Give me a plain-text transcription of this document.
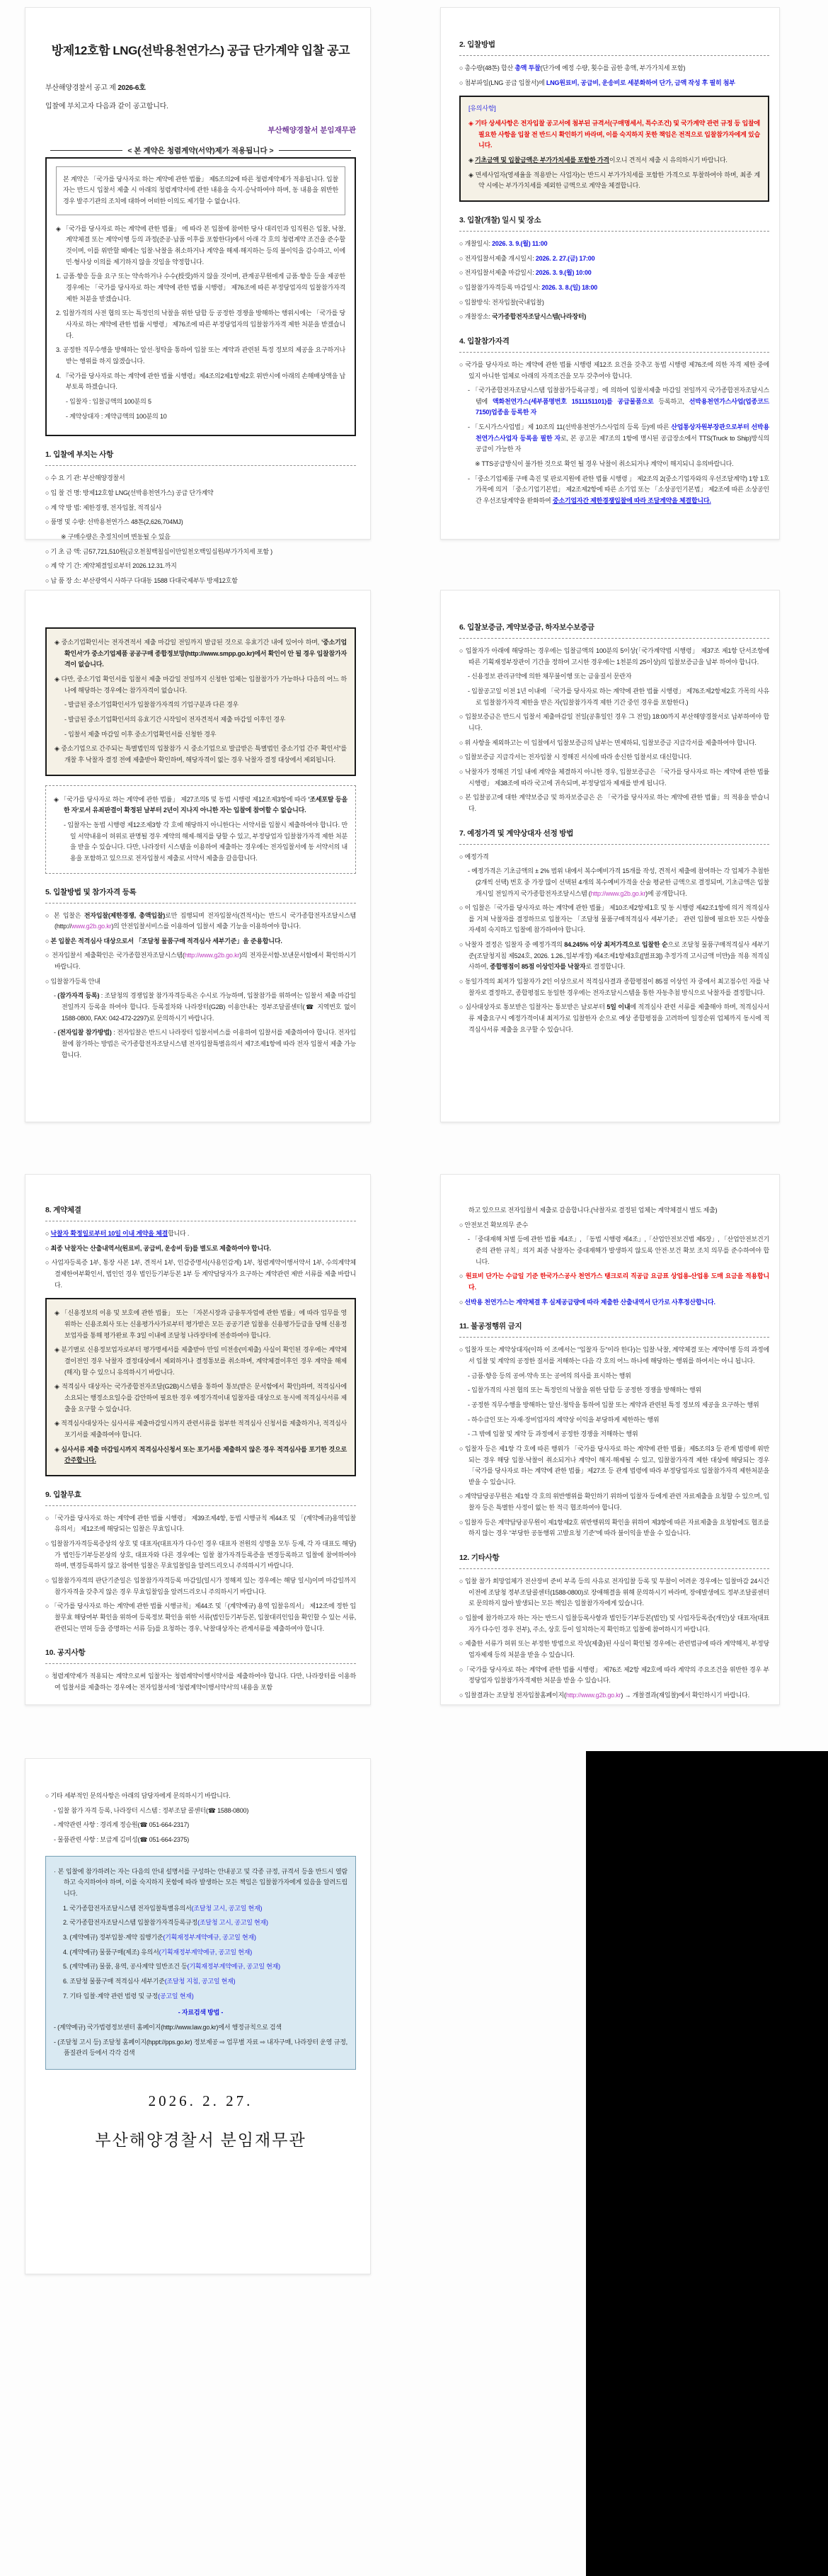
방제12호함 LNG(선박용천연가스) 공급 단가계약 입찰 공고
부산해양경찰서 공고 제 2026-6호
입찰에 부치고자 다음과 같이 공고합니다.
부산해양경찰서 분임재무관
< 본 계약은 청렴계약(서약)제가 적용됩니다 >
본 계약은 「국가를 당사자로 하는 계약에 관한 법률」 제5조의2에 따른 청렴계약제가 적용됩니다. 입찰자는 반드시 입찰서 제출 시 아래의 청렴계약서에 관한 내용을 숙지·승낙하여야 하며, 동 내용을 위반한 경우 발주기관의 조치에 대하여 어떠한 이의도 제기할 수 없습니다.
◈ 「국가를 당사자로 하는 계약에 관한 법률」 에 따라 본 입찰에 참여한 당사 대리인과 임직원은 입찰, 낙찰, 계약체결 또는 계약이행 등의 과정(준공·납품 이후를 포함한다)에서 아래 각 호의 청렴계약 조건을 준수할 것이며, 이를 위반할 때에는 입찰·낙찰을 취소하거나 계약을 해제·해지하는 등의 불이익을 감수하고, 이에 민·형사상 이의를 제기하지 않을 것임을 약정합니다.
1. 금품·향응 등을 요구 또는 약속하거나 수수(授受)하지 않을 것이며, 관계공무원에게 금품·향응 등을 제공한 경우에는 「국가를 당사자로 하는 계약에 관한 법률 시행령」 제76조에 따른 부정당업자의 입찰참가자격 제한 처분을 받겠습니다.
2. 입찰가격의 사전 협의 또는 특정인의 낙찰을 위한 담합 등 공정한 경쟁을 방해하는 행위시에는 「국가를 당사자로 하는 계약에 관한 법률 시행령」 제76조에 따른 부정당업자의 입찰참가자격 제한 처분을 받겠습니다.
3. 공정한 직무수행을 방해하는 알선·청탁을 통하여 입찰 또는 계약과 관련된 특정 정보의 제공을 요구하거나 받는 행위를 하지 않겠습니다.
4. 『국가를 당사자로 하는 계약에 관한 법률 시행령』제4조의2제1항제2호 위반시에 아래의 손해배상액을 납부토록 하겠습니다.
- 입찰자 : 입찰금액의 100분의 5
- 계약상대자 : 계약금액의 100분의 10
1. 입찰에 부치는 사항
○ 수 요 기 관: 부산해양경찰서
○ 입 찰 건 명: 방제12호함 LNG(선박용천연가스) 공급 단가계약
○ 계 약 방 법: 제한경쟁, 전자입찰, 적격심사
○ 품명 및 수량: 선박용천연가스 48톤(2,626,704MJ)
※ 구매수량은 추정치이며 변동될 수 있음
○ 기 초 금 액: 금57,721,510원(금오천칠백칠십이만일천오백일십원/부가가치세 포함 )
○ 계 약 기 간: 계약체결일로부터 2026.12.31.까지
○ 납 품 장 소: 부산광역시 사하구 다대동 1588 다대국제부두 방제12호함
2. 입찰방법
○ 총수량(48톤) 합산 총액 투찰(단가에 예정 수량, 횟수를 곱한 총액, 부가가치세 포함)
○ 첨부파일(LNG 공급 입찰서)에 LNG원료비, 공급비, 운송비로 세분화하여 단가, 금액 작성 후 필히 첨부
[유의사항]
◈ 기타 상세사항은 전자입찰 공고서에 첨부된 규격서(구매명세서, 특수조건) 및 국가계약 관련 규정 등 입찰에 필요한 사항을 입찰 전 반드시 확인하기 바라며, 이를 숙지하지 못한 책임은 전적으로 입찰참가자에게 있습니다.
◈ 기초금액 및 입찰금액은 부가가치세를 포함한 가격이오니 견적서 제출 시 유의하시기 바랍니다.
◈ 면세사업자(영세율을 적용받는 사업자)는 반드시 부가가치세를 포함한 가격으로 투찰하여야 하며, 최종 계약 시에는 부가가치세를 제외한 금액으로 계약을 체결합니다.
3. 입찰(개찰) 일시 및 장소
○ 개찰일시: 2026. 3. 9.(월) 11:00
○ 전자입찰서제출 개시일시: 2026. 2. 27.(금) 17:00
○ 전자입찰서제출 마감일시: 2026. 3. 9.(월) 10:00
○ 입찰참가자격등록 마감일시: 2026. 3. 8.(일) 18:00
○ 입찰방식: 전자입찰(국내입찰)
○ 개찰장소: 국가종합전자조달시스템(나라장터)
4. 입찰참가자격
○ 국가를 당사자로 하는 계약에 관한 법률 시행령 제12조 요건을 갖추고 동법 시행령 제76조에 의한 자격 제한 중에 있지 아니한 업체로 아래의 자격조건을 모두 갖추어야 합니다.
- 「국가종합전자조달시스템 입찰참가등록규정」에 의하여 입찰서제출 마감일 전일까지 국가종합전자조달시스템에 액화천연가스(세부품명번호 1511151101)를 공급물품으로 등록하고, 선박용천연가스사업(업종코드 7150)업종을 등록한 자
- 「도시가스사업법」제 10조의 11(선박용천연가스사업의 등록 등)에 따른 산업통상자원부장관으로부터 선박용천연가스사업자 등록을 필한 자로, 본 공고문 제7조의 1항에 명시된 공급장소에서 TTS(Truck to Ship)방식의 공급이 가능한 자
※ TTS공급방식이 불가한 것으로 확인 될 경우 낙찰이 취소되거나 계약이 해지되니 유의바랍니다.
- 「중소기업제품 구매 촉진 및 판로지원에 관한 법률 시행령 」 제2조의 2(중소기업자와의 우선조달계약) 1항 1호 가목에 의거 「중소기업기본법」 제2조제2항에 따른 소기업 또는 「소상공인기본법」 제2조에 따른 소상공인간 우선조달계약을 완화하여 중소기업자간 제한경쟁입찰에 따라 조달계약을 체결합니다.
◈ 중소기업확인서는 전자견적서 제출 마감일 전일까지 발급된 것으로 유효기간 내에 있어야 하며, '중소기업 확인서'가 중소기업제품 공공구매 종합정보망(http://www.smpp.go.kr)에서 확인이 안 될 경우 입찰참가자격이 없습니다.
◈ 다만, 중소기업 확인서를 입찰서 제출 마감일 전일까지 신청한 업체는 입찰참가가 가능하나 다음의 어느 하나에 해당하는 경우에는 참가자격이 없습니다.
- 발급된 중소기업확인서가 입찰참가자격의 기업구분과 다른 경우
- 발급된 중소기업확인서의 유효기간 시작일이 전자견적서 제출 마감일 이후인 경우
- 입찰서 제출 마감일 이후 중소기업확인서를 신청한 경우
◈ 중소기업으로 간주되는 특별법인의 입찰참가 시 중소기업으로 발급받은 특별법인 중소기업 간주 확인서”를 개찰 후 낙찰자 결정 전에 제출받아 확인하며, 해당자격이 없는 경우 낙찰자 결정 대상에서 제외됩니다.
◈ 「국가를 당사자로 하는 계약에 관한 법률」 제27조의5 및 동법 시행령 제12조제3항에 따라 '조세포탈 등을 한 자'로서 유죄판결이 확정된 날부터 2년이 지나지 아니한 자는 입찰에 참여할 수 없습니다.
- 입찰자는 동법 시행령 제12조제3항 각 호에 해당하지 아니한다는 서약서를 입찰시 제출하여야 합니다. 만일 서약내용이 허위로 판명될 경우 계약의 해제·해지를 당할 수 있고, 부정당업자 입찰참가자격 제한 처분을 받을 수 있습니다. 다만, 나라장터 시스템을 이용하여 제출하는 경우에는 전자입찰서에 동 서약서의 내용을 포함하고 있으므로 전자입찰서 제출로 서약서 제출을 갈음합니다.
5. 입찰방법 및 참가자격 등록
○ 본 입찰은 전자입찰(제한경쟁, 총액입찰)로만 집행되며 전자입찰서(견적서)는 반드시 국가종합전자조달시스템(http://www.g2b.go.kr)의 안전입찰서비스를 이용하여 입찰서 제출 기능을 이용하여야 합니다.
○ 본 입찰은 적격심사 대상으로서 「조달청 물품구매 적격심사 세부기준」을 준용합니다.
○ 전자입찰서 제출확인은 국가종합전자조달시스템(http://www.g2b.go.kr)의 전자문서함-보낸문서함에서 확인하시기 바랍니다.
○ 입찰참가등록 안내
- (참가자격 등록) : 조달청의 경쟁입찰 참가자격등록은 수시로 가능하며, 입찰참가를 위하여는 입찰서 제출 마감일 전일까지 등록을 하여야 합니다. 등록절차와 나라장터(G2B) 이용안내는 정부조달콜센터(☎ 지역번호 없이 1588-0800, FAX: 042-472-2297)로 문의하시기 바랍니다.
- (전자입찰 참가방법) : 전자입찰은 반드시 나라장터 입찰서비스를 이용하여 입찰서를 제출하여야 합니다. 전자입찰에 참가하는 방법은 국가종합전자조달시스템 전자입찰특별유의서 제7조제1항에 따라 전자 입찰서 제출 가능합니다.
6. 입찰보증금, 계약보증금, 하자보수보증금
○ 입찰자가 아래에 해당하는 경우에는 입찰금액의 100분의 5이상(「국가계약법 시행령」 제37조 제1항 단서조항에 따른 기획재정부장관이 기간을 정하여 고시한 경우에는 1천분의 25이상)의 입찰보증금을 납부 하여야 합니다.
- 신용정보 관리규약에 의한 채무불이행 또는 금융질서 문란자
- 입찰공고일 이전 1년 이내에 「국가를 당사자로 하는 계약에 관한 법률 시행령」 제76조제2항제2호 가목의 사유로 입찰참가자격 제한을 받은 자(입찰참가자격 제한 기간 중인 경우를 포함한다.)
○ 입찰보증금은 반드시 입찰서 제출마감일 전일(공휴일인 경우 그 전일) 18:00까지 부산해양경찰서로 납부하여야 합니다.
○ 위 사항을 제외하고는 이 입찰에서 입찰보증금의 납부는 면제하되, 입찰보증금 지급각서를 제출하여야 합니다.
○ 입찰보증금 지급각서는 전자입찰 시 정해진 서식에 따라 송신한 입찰서로 대신합니다.
○ 낙찰자가 정해진 기일 내에 계약을 체결하지 아니한 경우, 입찰보증금은 「국가를 당사자로 하는 계약에 관한 법률 시행령」 제38조에 따라 국고에 귀속되며, 부정당업자 제재를 받게 됩니다.
○ 본 입찰공고에 대한 계약보증금 및 하자보증금은 은 「국가를 당사자로 하는 계약에 관한 법률」의 적용을 받습니다.
7. 예정가격 및 계약상대자 선정 방법
○ 예정가격
- 예정가격은 기초금액의 ± 2% 범위 내에서 복수예비가격 15개를 작성, 견적서 제출에 참여하는 각 업체가 추첨한(2개씩 선택) 번호 중 가장 많이 선택된 4개의 복수예비가격을 산술 평균한 금액으로 결정되며, 기초금액은 입찰개시일 전일까지 국가종합전자조달시스템 (http://www.g2b.go.kr)에 공개합니다.
○ 이 입찰은「국가를 당사자로 하는 계약에 관한 법률」 제10조제2항제1호 및 동 시행령 제42조1항에 의거 적격심사를 거쳐 낙찰자를 결정하므로 입찰자는 「조달청 물품구매적격심사 세부기준」 관련 입찰에 필요한 모든 사항을 자세히 숙지하고 입찰에 참가하여야 합니다.
○ 낙찰자 결정은 입찰자 중 예정가격의 84.245% 이상 최저가격으로 입찰한 순으로 조달청 물품구매적격심사 세부기준(조달청지침 제524호, 2026. 1.26.,일부개정) 제4조제1항제3호([별표3]) 추정가격 고시금액 미만)을 적용 적격심사하여, 종합평점이 85점 이상인자를 낙찰자로 결정합니다.
○ 동일가격의 최저가 입찰자가 2인 이상으로서 적격심사결과 종합평점이 85점 이상인 자 중에서 최고점수인 자를 낙찰자로 결정하고, 종합평점도 동일한 경우에는 전자조달시스템을 통한 자동추첨 방식으로 낙찰자를 결정합니다.
○ 심사대상자로 통보받은 입찰자는 통보받은 날로부터 5일 이내에 적격심사 관련 서류를 제출해야 하며, 적격심사서류 제출요구시 예정가격이내 최저가로 입찰한자 순으로 예상 종합평점을 고려하여 일정순위 업체까지 동시에 적격심사서류 제출을 요구할 수 있습니다.
8. 계약체결
○ 낙찰자 확정일로부터 10일 이내 계약을 체결합니다 .
○ 최종 낙찰자는 산출내역서(원료비, 공급비, 운송비 등)를 별도로 제출하여야 합니다.
○ 사업자등록증 1부, 통장 사본 1부, 견적서 1부, 인감증명서(사용인감계) 1부, 청렴계약이행서약서 1부, 수의계약체결제한여부확인서, 법인인 경우 법인등기부등본 1부 등 계약담당자가 요구하는 계약관련 제반 서류를 제출 바랍니다.
◈ 「신용정보의 이용 및 보호에 관한 법률」 또는 「자본시장과 금융투자업에 관한 법률」에 따라 업무를 영위하는 신용조회사 또는 신용평가사가로부터 평가받은 모든 공공기관 입찰용 신용평가등급을 당해 신용정보업자를 통해 평가완료 후 3일 이내에 조달청 나라장터에 전송하여야 합니다.
◈ 분기별로 신용정보업자로부터 평가명세서를 제출받아 만일 미전송(미제출) 사실이 확인된 경우에는 계약체결이전인 경우 낙찰자 결정대상에서 제외하거나 결정통보를 취소하며, 계약체결이후인 경우 계약을 해제(해지) 할 수 있으니 유의하시기 바랍니다.
◈ 적격심사 대상자는 국가종합전자조달(G2B)시스템을 통하여 통보(받은 문서함에서 확인)하며, 적격심사에 소요되는 행정소요일수를 감안하여 필요한 경우 예정가격이내 입찰자를 대상으로 동시에 적격심사서류 제출을 요구할 수 있습니다.
◈ 적격심사대상자는 심사서류 제출마감일시까지 관련서류를 첨부한 적격심사 신청서를 제출하거나, 적격심사 포기서를 제출하여야 합니다.
◈ 심사서류 제출 마감일시까지 적격심사신청서 또는 포기서를 제출하지 않은 경우 적격심사를 포기한 것으로 간주합니다.
9. 입찰무효
○ 「국가를 당사자로 하는 계약에 관한 법률 시행령」 제39조제4항, 동법 시행규칙 제44조 및 「(계약예규)용역입찰유의서」 제12조에 해당되는 입찰은 무효입니다.
○ 입찰참가자격등록증상의 상호 및 대표자(대표자가 다수인 경우 대표자 전원의 성명을 모두 등재, 각 자 대표도 해당)가 법인등기부등본상의 상호, 대표자와 다른 경우에는 입찰 참가자격등록증을 변경등록하고 입찰에 참여하여야 하며, 변경등록하지 않고 참여한 입찰은 무효입찰임을 알려드리오니 주의하시기 바랍니다.
○ 입찰참가자격의 판단기준일은 입찰참가자격등록 마감일(일시가 정해져 있는 경우에는 해당 일시)이며 마감일까지 참가자격을 갖추지 않은 경우 무효입찰임을 알려드리오니 주의하시기 바랍니다.
○ 「국가를 당사자로 하는 계약에 관한 법률 시행규칙」제44조 및「(계약예규) 용역 입찰유의서」 제12조에 정한 입찰무효 해당여부 확인을 위하여 등록정보 확인을 위한 서류(법인등기부등본, 입찰대리인임을 확인할 수 있는 서류, 관련되는 면허 등을 증명하는 서류 등)를 요청하는 경우, 낙찰대상자는 관계서류를 제출하여야 합니다.
10. 공지사항
○ 청렴계약제가 적용되는 계약으로써 입찰자는 청렴계약이행서약서를 제출하여야 합니다. 다만, 나라장터를 이용하여 입찰서를 제출하는 경우에는 전자입찰서에 '청렴계약이행서약서'의 내용을 포함
하고 있으므로 전자입찰서 제출로 갈음합니다.(낙찰자로 결정된 업체는 계약체결시 별도 제출)
○ 안전보건 확보의무 준수
- 「중대재해 처벌 등에 관한 법률 제4조」, 「동법 시행령 제4조」,「산업안전보건법 제5장」, 「산업안전보건기준의 관한 규칙」의거 최종 낙찰자는 중대재해가 발생하지 않도록 안전·보건 확보 조치 의무를 준수하여야 합니다.
○ 원료비 단가는 수급일 기준 한국가스공사 천연가스 탱크로리 직공급 요금표 상업용-산업용 도매 요금을 적용합니다.
○ 선박용 천연가스는 계약체결 후 실제공급량에 따라 제출한 산출내역서 단가로 사후정산합니다.
11. 불공정행위 금지
○ 입찰자 또는 계약상대자(이하 이 조에서는 “입찰자 등”이라 한다)는 입찰·낙찰, 계약체결 또는 계약이행 등의 과정에서 입찰 및 계약의 공정한 질서를 저해하는 다음 각 호의 어느 하나에 해당하는 행위를 하여서는 아니 됩니다.
- 금품·향응 등의 공여·약속 또는 공여의 의사를 표시하는 행위
- 입찰가격의 사전 협의 또는 특정인의 낙찰을 위한 담합 등 공정한 경쟁을 방해하는 행위
- 공정한 직무수행을 방해하는 알선·청탁을 통하여 입찰 또는 계약과 관련된 특정 정보의 제공을 요구하는 행위
- 하수급인 또는 자재·장비업자의 계약상 이익을 부당하게 제한하는 행위
- 그 밖에 입찰 및 계약 등 과정에서 공정한 경쟁을 저해하는 행위
○ 입찰자 등은 제1항 각 호에 따른 행위가 「국가를 당사자로 하는 계약에 관한 법률」제5조의3 등 관계 법령에 위반되는 경우 해당 입찰·낙찰이 취소되거나 계약이 해지·해제될 수 있고, 입찰참가자격 제한 대상에 해당되는 경우 「국가를 당사자로 하는 계약에 관한 법률」제27조 등 관계 법령에 따라 부정당업자로 입찰참가자격 제한처분을 받을 수 있습니다.
○ 계약담당공무원은 제1항 각 호의 위반행위를 확인하기 위하여 입찰자 등에게 관련 자료제출을 요청할 수 있으며, 입찰자 등은 특별한 사정이 없는 한 적극 협조하여야 합니다.
○ 입찰자 등은 계약담당공무원이 제1항제2호 위반행위의 확인을 위하여 제3항에 따른 자료제출을 요청함에도 협조를 하지 않는 경우 “부당한 공동행위 고발요청 기준”에 따라 불이익을 받을 수 있습니다.
12. 기타사항
○ 입찰 참가 희망업체가 전산장비 준비 부족 등의 사유로 전자입찰 등록 및 투찰이 어려운 경우에는 입찰마감 24시간 이전에 조달청 정부조달콜센터(1588-0800)로 장애해결을 위해 문의하시기 바라며, 장애발생에도 정부조달콜센터로 문의하지 않아 발생되는 모든 책임은 입찰참가자에게 있습니다.
○ 입찰에 참가하고자 하는 자는 반드시 입찰등록사항과 법인등기부등본(법인) 및 사업자등록증(개인)상 대표자(대표자가 다수인 경우 전부), 주소, 상호 등이 일치하는지 확인하고 입찰에 참여하시기 바랍니다.
○ 제출한 서류가 허위 또는 부정한 방법으로 작성(제출)된 사실이 확인될 경우에는 관련법규에 따라 계약해지, 부정당업자제재 등의 처분을 받을 수 있습니다.
○「국가를 당사자로 하는 계약에 관한 법률 시행령」 제76조 제2항 제2호에 따라 계약의 주요조건을 위반한 경우 부정당업자 입찰참가자격제한 처분을 받을 수 있습니다.
○ 입찰결과는 조달청 전자입찰홈페이지(http://www.g2b.go.kr) → 개찰결과(재입찰)에서 확인하시기 바랍니다.
○ 기타 세부적인 문의사항은 아래의 담당자에게 문의하시기 바랍니다.
- 입찰 참가 자격 등록, 나라장터 시스템 : 정부조달 콜센터(☎ 1588-0800)
- 계약관련 사항 : 경리계 정승원(☎ 051-664-2317)
- 물품관련 사항 : 보급계 김미성(☎ 051-664-2375)
· 본 입찰에 참가하려는 자는 다음의 안내 설명서를 구성하는 안내공고 및 각종 규정, 규격서 등을 반드시 열람하고 숙지하여야 하며, 이를 숙지하지 못함에 따라 발생하는 모든 책임은 입찰참가자에게 있음을 알려드립니다.
1. 국가종합전자조달시스템 전자입찰특별유의서(조달청 고시, 공고일 현재)
2. 국가종합전자조달시스템 입찰참가자격등록규정(조달청 고시, 공고일 현재)
3. (계약예규) 정부입찰·계약 집행기준(기획재정부계약예규, 공고일 현재)
4. (계약예규) 물품구매(제조) 유의서(기획재정부계약예규, 공고일 현재)
5. (계약예규) 물품, 용역, 공사계약 일반조건 등(기획재정부계약예규, 공고일 현재)
6. 조달청 물품구매 적격심사 세부기준(조달청 지침, 공고일 현재)
7. 기타 입찰·계약 관련 법령 및 규정(공고일 현재)
- 자료검색 방법 -
- (계약예규) 국가법령정보센터 홈페이지(http://www.law.go.kr)에서 행정규칙으로 검색
- (조달청 고시 등) 조달청 홈페이지(hppt://pps.go.kr) 정보제공 ⇨ 업무별 자료 ⇨ 내자구매, 나라장터 운영 규정, 품질관리 등에서 각각 검색
2026. 2. 27.
부산해양경찰서 분임재무관
